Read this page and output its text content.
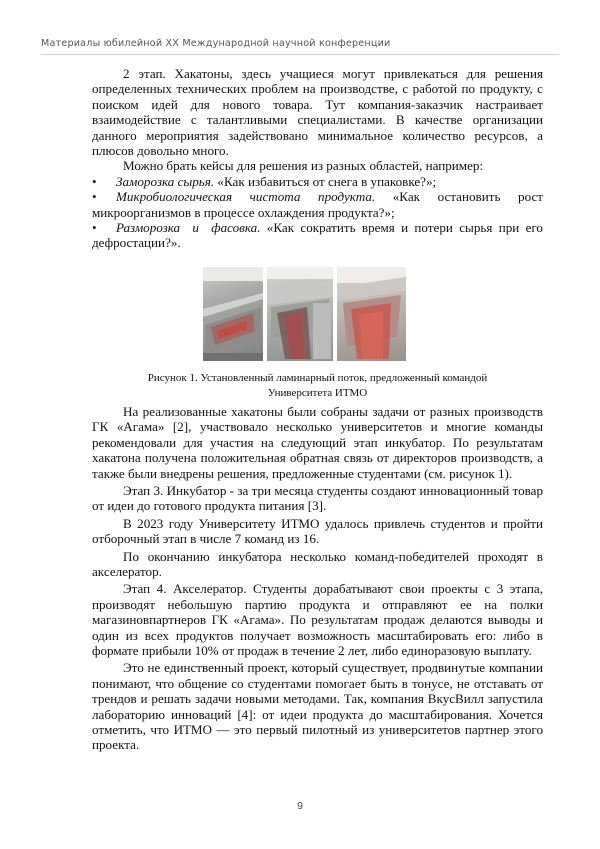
Материалы юбилейной XX Международной научной конференции

2 этап. Хакатоны, здесь учащиеся могут привлекаться для решения определенных технических проблем на производстве, с работой по продукту, с поиском идей для нового товара. Тут компания-заказчик настраивает взаимодействие с талантливыми специалистами. В качестве организации данного мероприятия задействовано минимальное количество ресурсов, а плюсов довольно много.

Можно брать кейсы для решения из разных областей, например:

• Заморозка сырья. «Как избавиться от снега в упаковке?»;

• Микробиологическая чистота продукта. «Как остановить рост микроорганизмов в процессе охлаждения продукта?»;

• Разморозка и фасовка. «Как сократить время и потери сырья при его дефростации?».

Рисунок 1. Установленный ламинарный поток, предложенный командой
Университета ИТМО

На реализованные хакатоны были собраны задачи от разных производств ГК «Агама» [2], участвовало несколько университетов и многие команды рекомендовали для участия на следующий этап инкубатор. По результатам хакатона получена положительная обратная связь от директоров производств, а также были внедрены решения, предложенные студентами (см. рисунок 1).

Этап 3. Инкубатор - за три месяца студенты создают инновационный товар от идеи до готового продукта питания [3].

В 2023 году Университету ИТМО удалось привлечь студентов и пройти отборочный этап в числе 7 команд из 16.

По окончанию инкубатора несколько команд-победителей проходят в акселератор.

Этап 4. Акселератор. Студенты дорабатывают свои проекты с 3 этапа, производят небольшую партию продукта и отправляют ее на полки магазиновпартнеров ГК «Агама». По результатам продаж делаются выводы и один из всех продуктов получает возможность масштабировать его: либо в формате прибыли 10% от продаж в течение 2 лет, либо единоразовую выплату.

Это не единственный проект, который существует, продвинутые компании понимают, что общение со студентами помогает быть в тонусе, не отставать от трендов и решать задачи новыми методами. Так, компания ВкусВилл запустила лабораторию инноваций [4]: от идеи продукта до масштабирования. Хочется отметить, что ИТМО — это первый пилотный из университетов партнер этого проекта.

9
